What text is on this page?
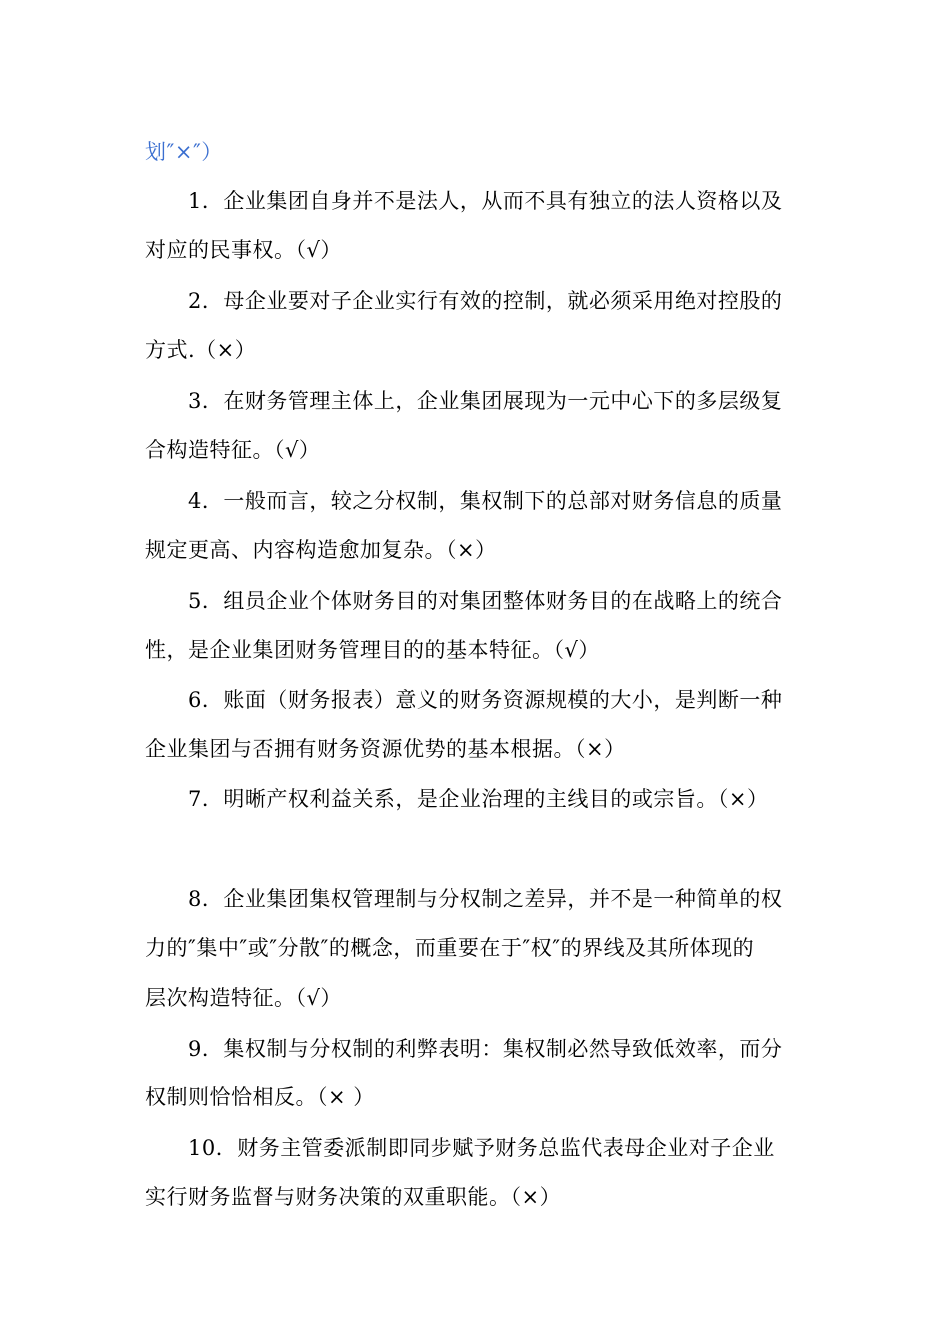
划″×″）
1．企业集团自身并不是法人，从而不具有独立的法人资格以及
对应的民事权。（√）
2．母企业要对子企业实行有效的控制，就必须采用绝对控股的
方式.（×）
3．在财务管理主体上，企业集团展现为一元中心下的多层级复
合构造特征。（√）
4．一般而言，较之分权制，集权制下的总部对财务信息的质量
规定更高、内容构造愈加复杂。（×）
5．组员企业个体财务目的对集团整体财务目的在战略上的统合
性，是企业集团财务管理目的的基本特征。（√）
6．账面（财务报表）意义的财务资源规模的大小，是判断一种
企业集团与否拥有财务资源优势的基本根据。（×）
7．明晰产权利益关系，是企业治理的主线目的或宗旨。（×）
8．企业集团集权管理制与分权制之差异，并不是一种简单的权
力的″集中″或″分散″的概念，而重要在于″权″的界线及其所体现的
层次构造特征。（√）
9．集权制与分权制的利弊表明：集权制必然导致低效率，而分
权制则恰恰相反。（× ）
10．财务主管委派制即同步赋予财务总监代表母企业对子企业
实行财务监督与财务决策的双重职能。（×）
